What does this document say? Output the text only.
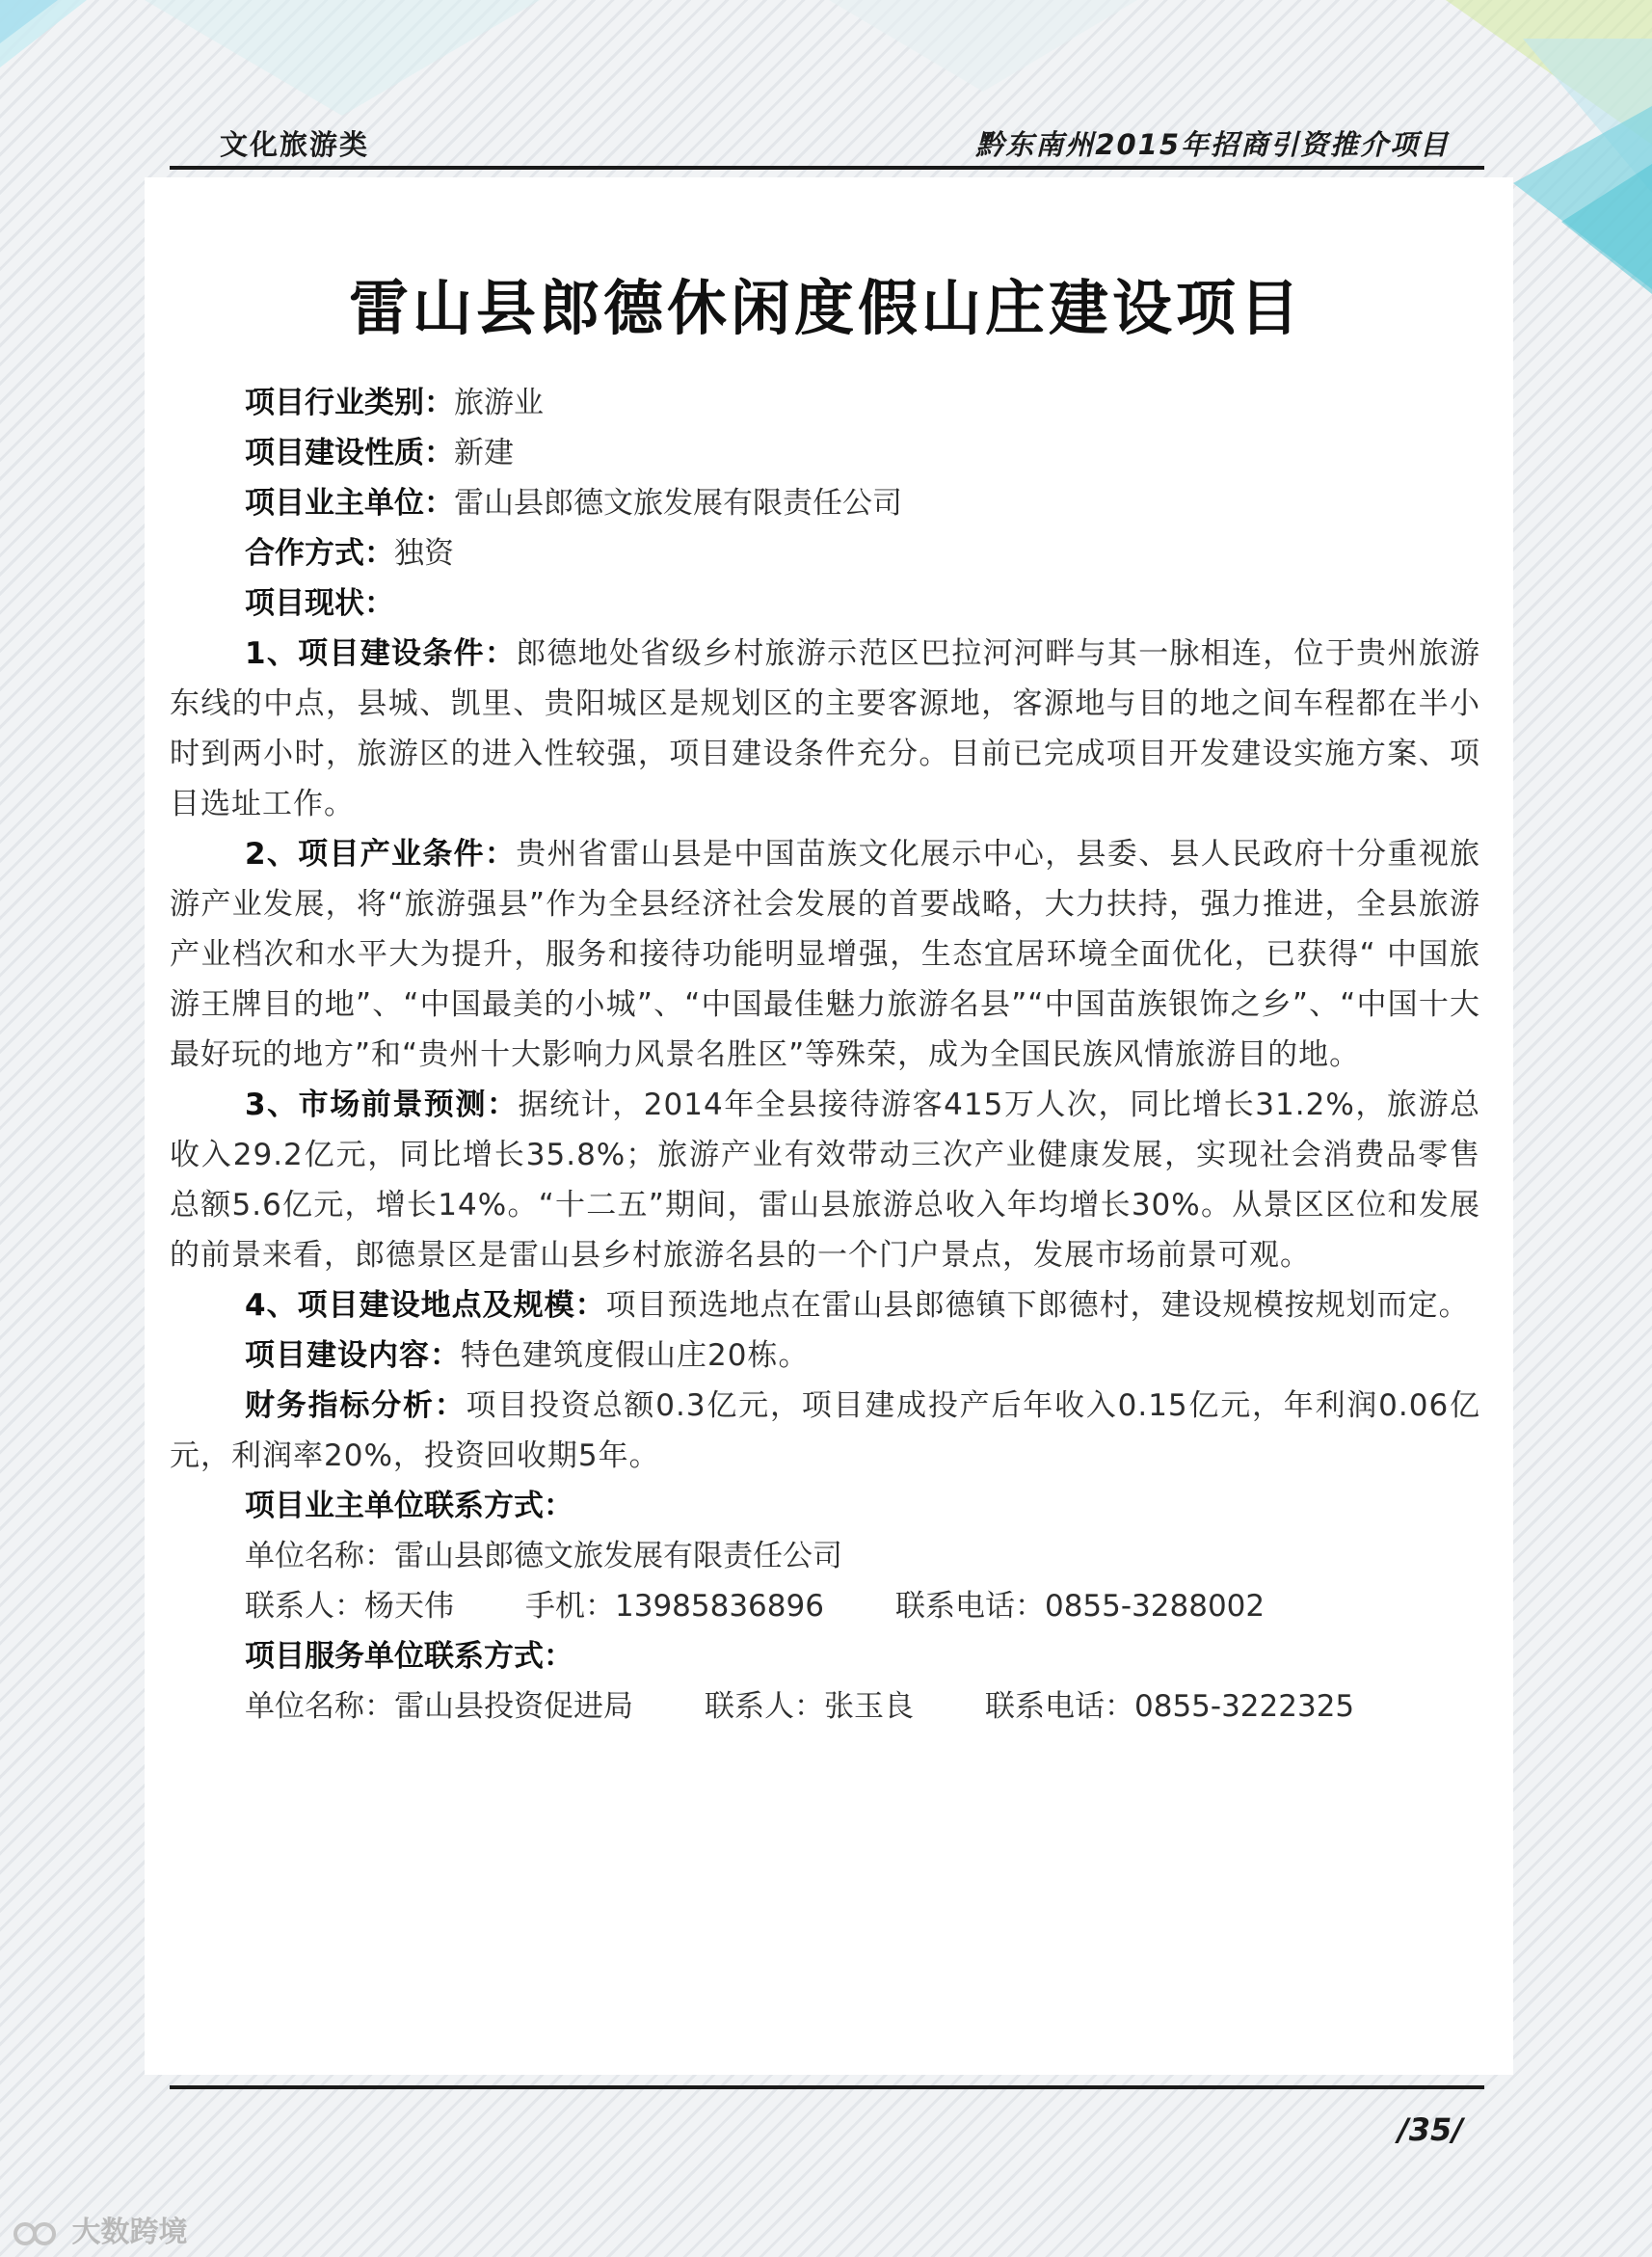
文化旅游类	黔东南州2015年招商引资推介项目
雷山县郎德休闲度假山庄建设项目
项目行业类别：旅游业
项目建设性质：新建
项目业主单位：雷山县郎德文旅发展有限责任公司
合作方式：独资
项目现状：
1、项目建设条件：郎德地处省级乡村旅游示范区巴拉河河畔与其一脉相连，位于贵州旅游东线的中点，县城、凯里、贵阳城区是规划区的主要客源地，客源地与目的地之间车程都在半小时到两小时，旅游区的进入性较强，项目建设条件充分。目前已完成项目开发建设实施方案、项目选址工作。
2、项目产业条件：贵州省雷山县是中国苗族文化展示中心，县委、县人民政府十分重视旅游产业发展，将“旅游强县”作为全县经济社会发展的首要战略，大力扶持，强力推进，全县旅游产业档次和水平大为提升，服务和接待功能明显增强，生态宜居环境全面优化，已获得“ 中国旅游王牌目的地”、“中国最美的小城”、“中国最佳魅力旅游名县”“中国苗族银饰之乡”、“中国十大最好玩的地方”和“贵州十大影响力风景名胜区”等殊荣，成为全国民族风情旅游目的地。
3、市场前景预测：据统计，2014年全县接待游客415万人次，同比增长31.2%，旅游总收入29.2亿元，同比增长35.8%；旅游产业有效带动三次产业健康发展，实现社会消费品零售总额5.6亿元，增长14%。“十二五”期间，雷山县旅游总收入年均增长30%。从景区区位和发展的前景来看，郎德景区是雷山县乡村旅游名县的一个门户景点，发展市场前景可观。
4、项目建设地点及规模：项目预选地点在雷山县郎德镇下郎德村，建设规模按规划而定。
项目建设内容：特色建筑度假山庄20栋。
财务指标分析：项目投资总额0.3亿元，项目建成投产后年收入0.15亿元，年利润0.06亿元，利润率20%，投资回收期5年。
项目业主单位联系方式：
单位名称：雷山县郎德文旅发展有限责任公司
联系人：杨天伟 手机：13985836896 联系电话：0855-3288002
项目服务单位联系方式：
单位名称：雷山县投资促进局 联系人：张玉良 联系电话：0855-3222325
/35/
大数跨境
